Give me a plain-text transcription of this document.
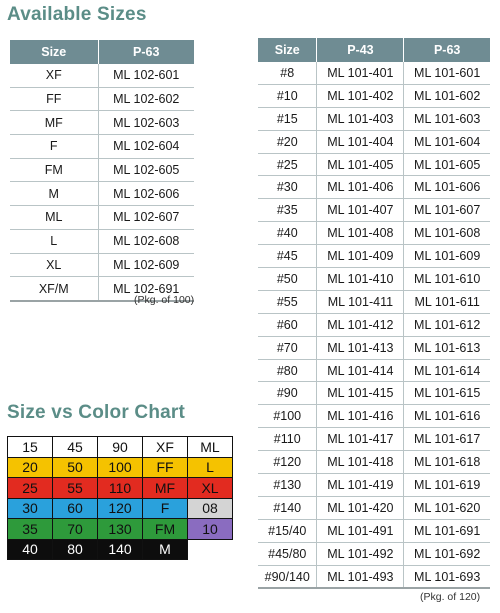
Available Sizes
Size	P-63
XF	ML 102-601
FF	ML 102-602
MF	ML 102-603
F	ML 102-604
FM	ML 102-605
M	ML 102-606
ML	ML 102-607
L	ML 102-608
XL	ML 102-609
XF/M	ML 102-691
(Pkg. of 100)
Size	P-43	P-63
#8	ML 101-401	ML 101-601
#10	ML 101-402	ML 101-602
#15	ML 101-403	ML 101-603
#20	ML 101-404	ML 101-604
#25	ML 101-405	ML 101-605
#30	ML 101-406	ML 101-606
#35	ML 101-407	ML 101-607
#40	ML 101-408	ML 101-608
#45	ML 101-409	ML 101-609
#50	ML 101-410	ML 101-610
#55	ML 101-411	ML 101-611
#60	ML 101-412	ML 101-612
#70	ML 101-413	ML 101-613
#80	ML 101-414	ML 101-614
#90	ML 101-415	ML 101-615
#100	ML 101-416	ML 101-616
#110	ML 101-417	ML 101-617
#120	ML 101-418	ML 101-618
#130	ML 101-419	ML 101-619
#140	ML 101-420	ML 101-620
#15/40	ML 101-491	ML 101-691
#45/80	ML 101-492	ML 101-692
#90/140	ML 101-493	ML 101-693
(Pkg. of 120)
Size vs Color Chart
15	45	90	XF	ML
20	50	100	FF	L
25	55	110	MF	XL
30	60	120	F	08
35	70	130	FM	10
40	80	140	M	
